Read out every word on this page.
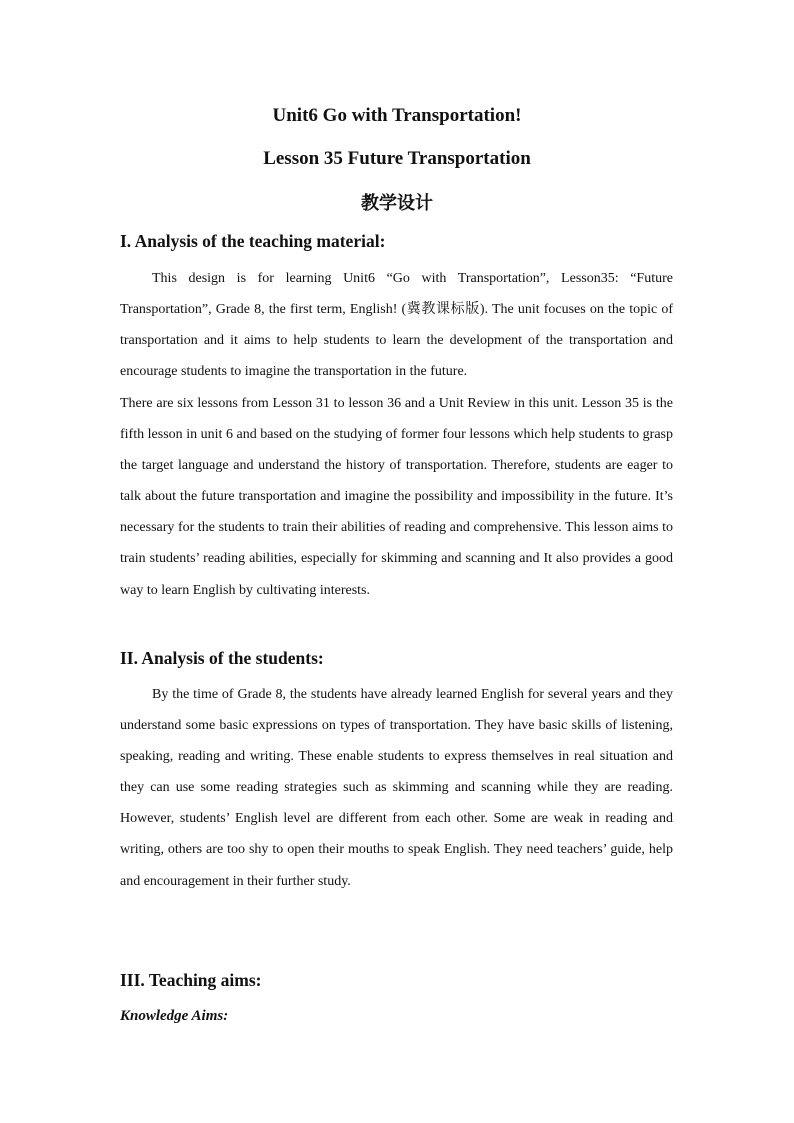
Unit6 Go with Transportation!
Lesson 35 Future Transportation
教学设计
I. Analysis of the teaching material:

This design is for learning Unit6 “Go with Transportation”, Lesson35: “Future Transportation”, Grade 8, the first term, English! (冀教课标版). The unit focuses on the topic of transportation and it aims to help students to learn the development of the transportation and encourage students to imagine the transportation in the future.

There are six lessons from Lesson 31 to lesson 36 and a Unit Review in this unit. Lesson 35 is the fifth lesson in unit 6 and based on the studying of former four lessons which help students to grasp the target language and understand the history of transportation. Therefore, students are eager to talk about the future transportation and imagine the possibility and impossibility in the future. It’s necessary for the students to train their abilities of reading and comprehensive. This lesson aims to train students’ reading abilities, especially for skimming and scanning and It also provides a good way to learn English by cultivating interests.

II. Analysis of the students:

By the time of Grade 8, the students have already learned English for several years and they understand some basic expressions on types of transportation. They have basic skills of listening, speaking, reading and writing. These enable students to express themselves in real situation and they can use some reading strategies such as skimming and scanning while they are reading. However, students’ English level are different from each other. Some are weak in reading and writing, others are too shy to open their mouths to speak English. They need teachers’ guide, help and encouragement in their further study.

III. Teaching aims:

Knowledge Aims:
